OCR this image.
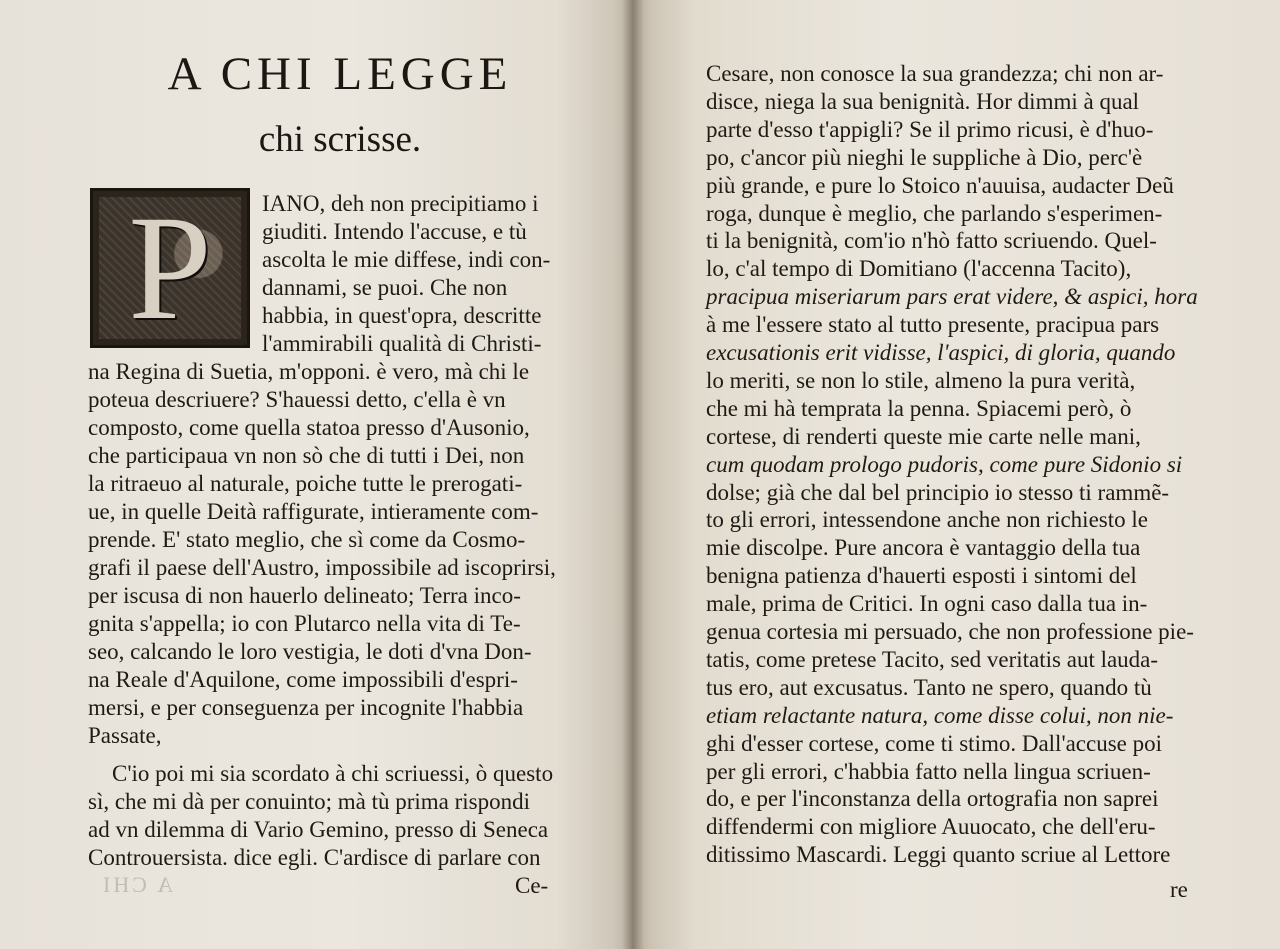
A CHI
A CHI LEGGE
chi scrisse.
P	IANO, deh non precipitiamo i
giuditi. Intendo l'accuse, e tù
ascolta le mie diffese, indi con-
dannami, se puoi. Che non
habbia, in quest'opra, descritte
l'ammirabili qualità di Christi-
na Regina di Suetia, m'opponi. è vero, mà chi le
poteua descriuere? S'hauessi detto, c'ella è vn
composto, come quella statoa presso d'Ausonio,
che participaua vn non sò che di tutti i Dei, non
la ritraeuo al naturale, poiche tutte le prerogati-
ue, in quelle Deità raffigurate, intieramente com-
prende. E' stato meglio, che sì come da Cosmo-
grafi il paese dell'Austro, impossibile ad iscoprirsi,
per iscusa di non hauerlo delineato; Terra inco-
gnita s'appella; io con Plutarco nella vita di Te-
seo, calcando le loro vestigia, le doti d'vna Don-
na Reale d'Aquilone, come impossibili d'espri-
mersi, e per conseguenza per incognite l'habbia
Passate,
C'io poi mi sia scordato à chi scriuessi, ò questo
sì, che mi dà per conuinto; mà tù prima rispondi
ad vn dilemma di Vario Gemino, presso di Seneca
Controuersista. dice egli. C'ardisce di parlare con
Ce-
Cesare, non conosce la sua grandezza; chi non ar-
disce, niega la sua benignità. Hor dimmi à qual
parte d'esso t'appigli? Se il primo ricusi, è d'huo-
po, c'ancor più nieghi le suppliche à Dio, perc'è
più grande, e pure lo Stoico n'auuisa, audacter Deũ
roga, dunque è meglio, che parlando s'esperimen-
ti la benignità, com'io n'hò fatto scriuendo. Quel-
lo, c'al tempo di Domitiano (l'accenna Tacito),
pracipua miseriarum pars erat videre, & aspici, hora
à me l'essere stato al tutto presente, pracipua pars
excusationis erit vidisse, l'aspici, di gloria, quando
lo meriti, se non lo stile, almeno la pura verità,
che mi hà temprata la penna. Spiacemi però, ò
cortese, di renderti queste mie carte nelle mani,
cum quodam prologo pudoris, come pure Sidonio si
dolse; già che dal bel principio io stesso ti rammẽ-
to gli errori, intessendone anche non richiesto le
mie discolpe. Pure ancora è vantaggio della tua
benigna patienza d'hauerti esposti i sintomi del
male, prima de Critici. In ogni caso dalla tua in-
genua cortesia mi persuado, che non professione pie-
tatis, come pretese Tacito, sed veritatis aut lauda-
tus ero, aut excusatus. Tanto ne spero, quando tù
etiam relactante natura, come disse colui, non nie-
ghi d'esser cortese, come ti stimo. Dall'accuse poi
per gli errori, c'habbia fatto nella lingua scriuen-
do, e per l'inconstanza della ortografia non saprei
diffendermi con migliore Auuocato, che dell'eru-
ditissimo Mascardi. Leggi quanto scriue al Lettore
re
